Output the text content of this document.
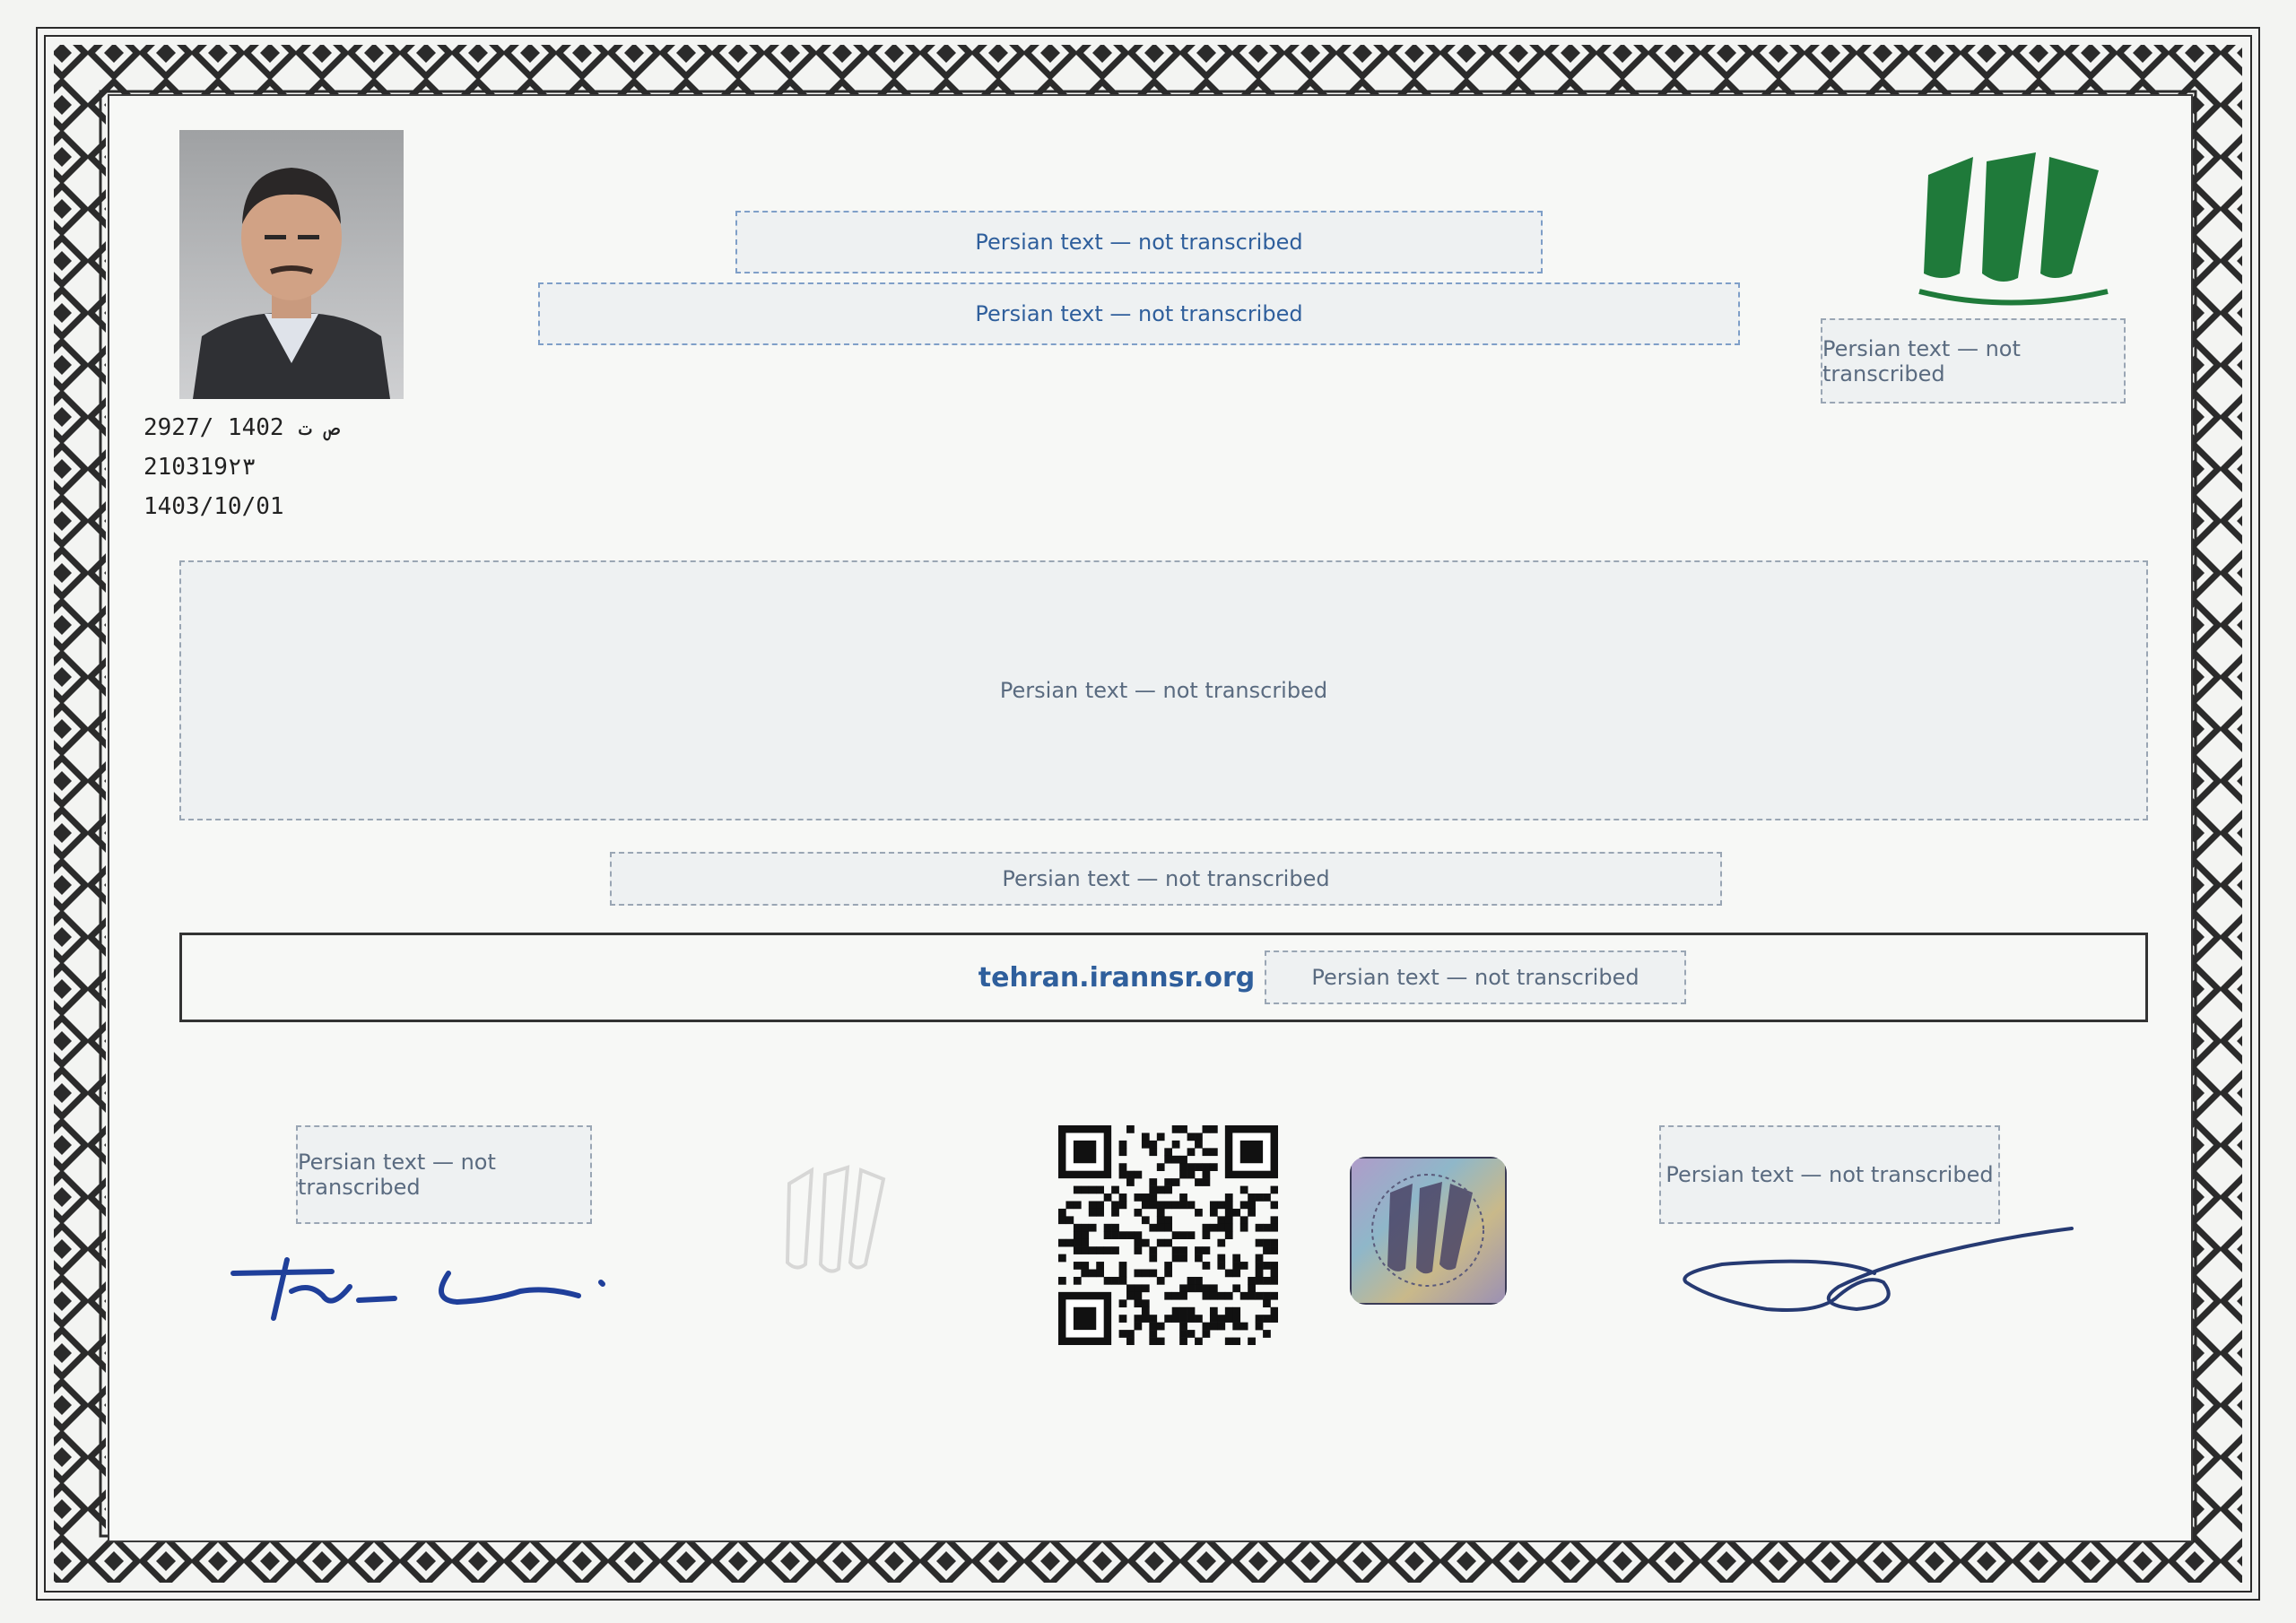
Persian text — not transcribed
Persian text — not transcribed
Persian text — not transcribed
2927/ ص ت 1402
210319۲۳
1403/10/01
Persian text — not transcribed
Persian text — not transcribed
Persian text — not transcribed
tehran.irannsr.org
Persian text — not transcribed	Persian text — not transcribed
